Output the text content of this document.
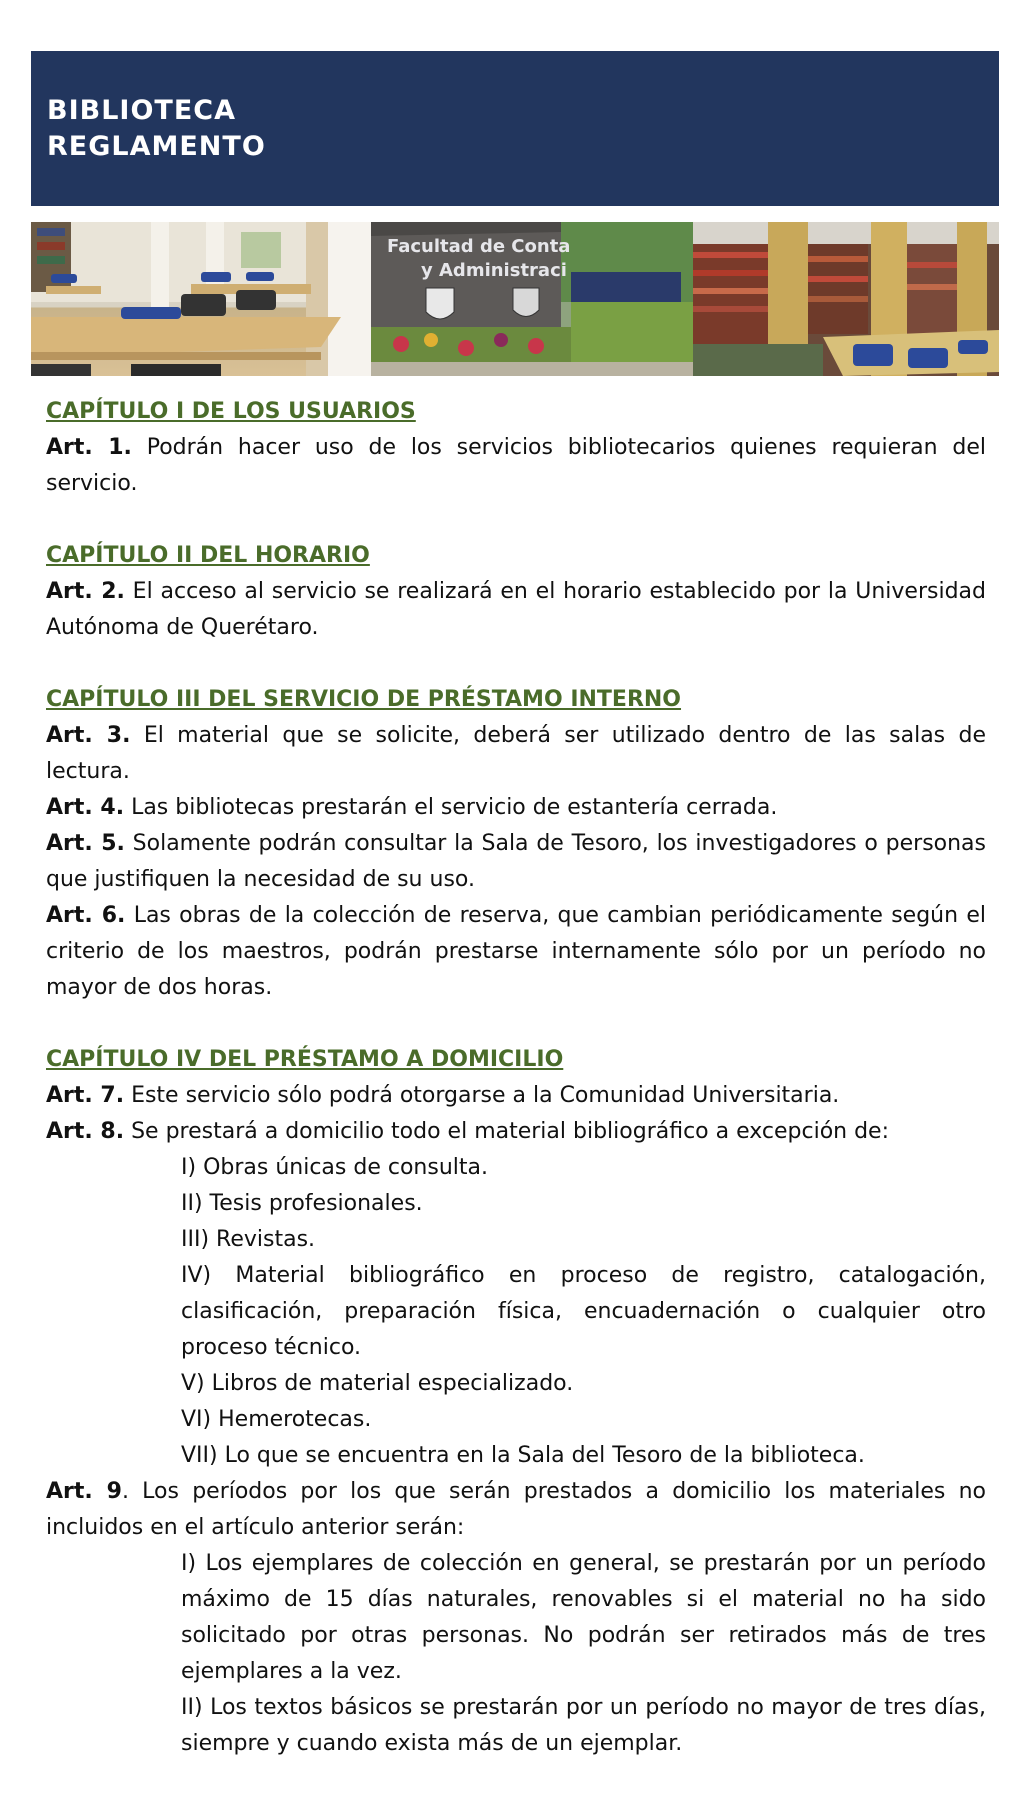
BIBLIOTECA
REGLAMENTO
Facultad de Conta
y Administraci
CAPÍTULO I DE LOS USUARIOS
Art. 1. Podrán hacer uso de los servicios bibliotecarios quienes requieran del servicio.
CAPÍTULO II DEL HORARIO
Art. 2. El acceso al servicio se realizará en el horario establecido por la Universidad Autónoma de Querétaro.
CAPÍTULO III DEL SERVICIO DE PRÉSTAMO INTERNO
Art. 3. El material que se solicite, deberá ser utilizado dentro de las salas de lectura.
Art. 4. Las bibliotecas prestarán el servicio de estantería cerrada.
Art. 5. Solamente podrán consultar la Sala de Tesoro, los investigadores o personas que justifiquen la necesidad de su uso.
Art. 6. Las obras de la colección de reserva, que cambian periódicamente según el criterio de los maestros, podrán prestarse internamente sólo por un período no mayor de dos horas.
CAPÍTULO IV DEL PRÉSTAMO A DOMICILIO
Art. 7. Este servicio sólo podrá otorgarse a la Comunidad Universitaria.
Art. 8. Se prestará a domicilio todo el material bibliográfico a excepción de:
I) Obras únicas de consulta.
II) Tesis profesionales.
III) Revistas.
IV) Material bibliográfico en proceso de registro, catalogación, clasificación, preparación física, encuadernación o cualquier otro proceso técnico.
V) Libros de material especializado.
VI) Hemerotecas.
VII) Lo que se encuentra en la Sala del Tesoro de la biblioteca.
Art. 9. Los períodos por los que serán prestados a domicilio los materiales no incluidos en el artículo anterior serán:
I) Los ejemplares de colección en general, se prestarán por un período máximo de 15 días naturales, renovables si el material no ha sido solicitado por otras personas. No podrán ser retirados más de tres ejemplares a la vez.
II) Los textos básicos se prestarán por un período no mayor de tres días, siempre y cuando exista más de un ejemplar.
